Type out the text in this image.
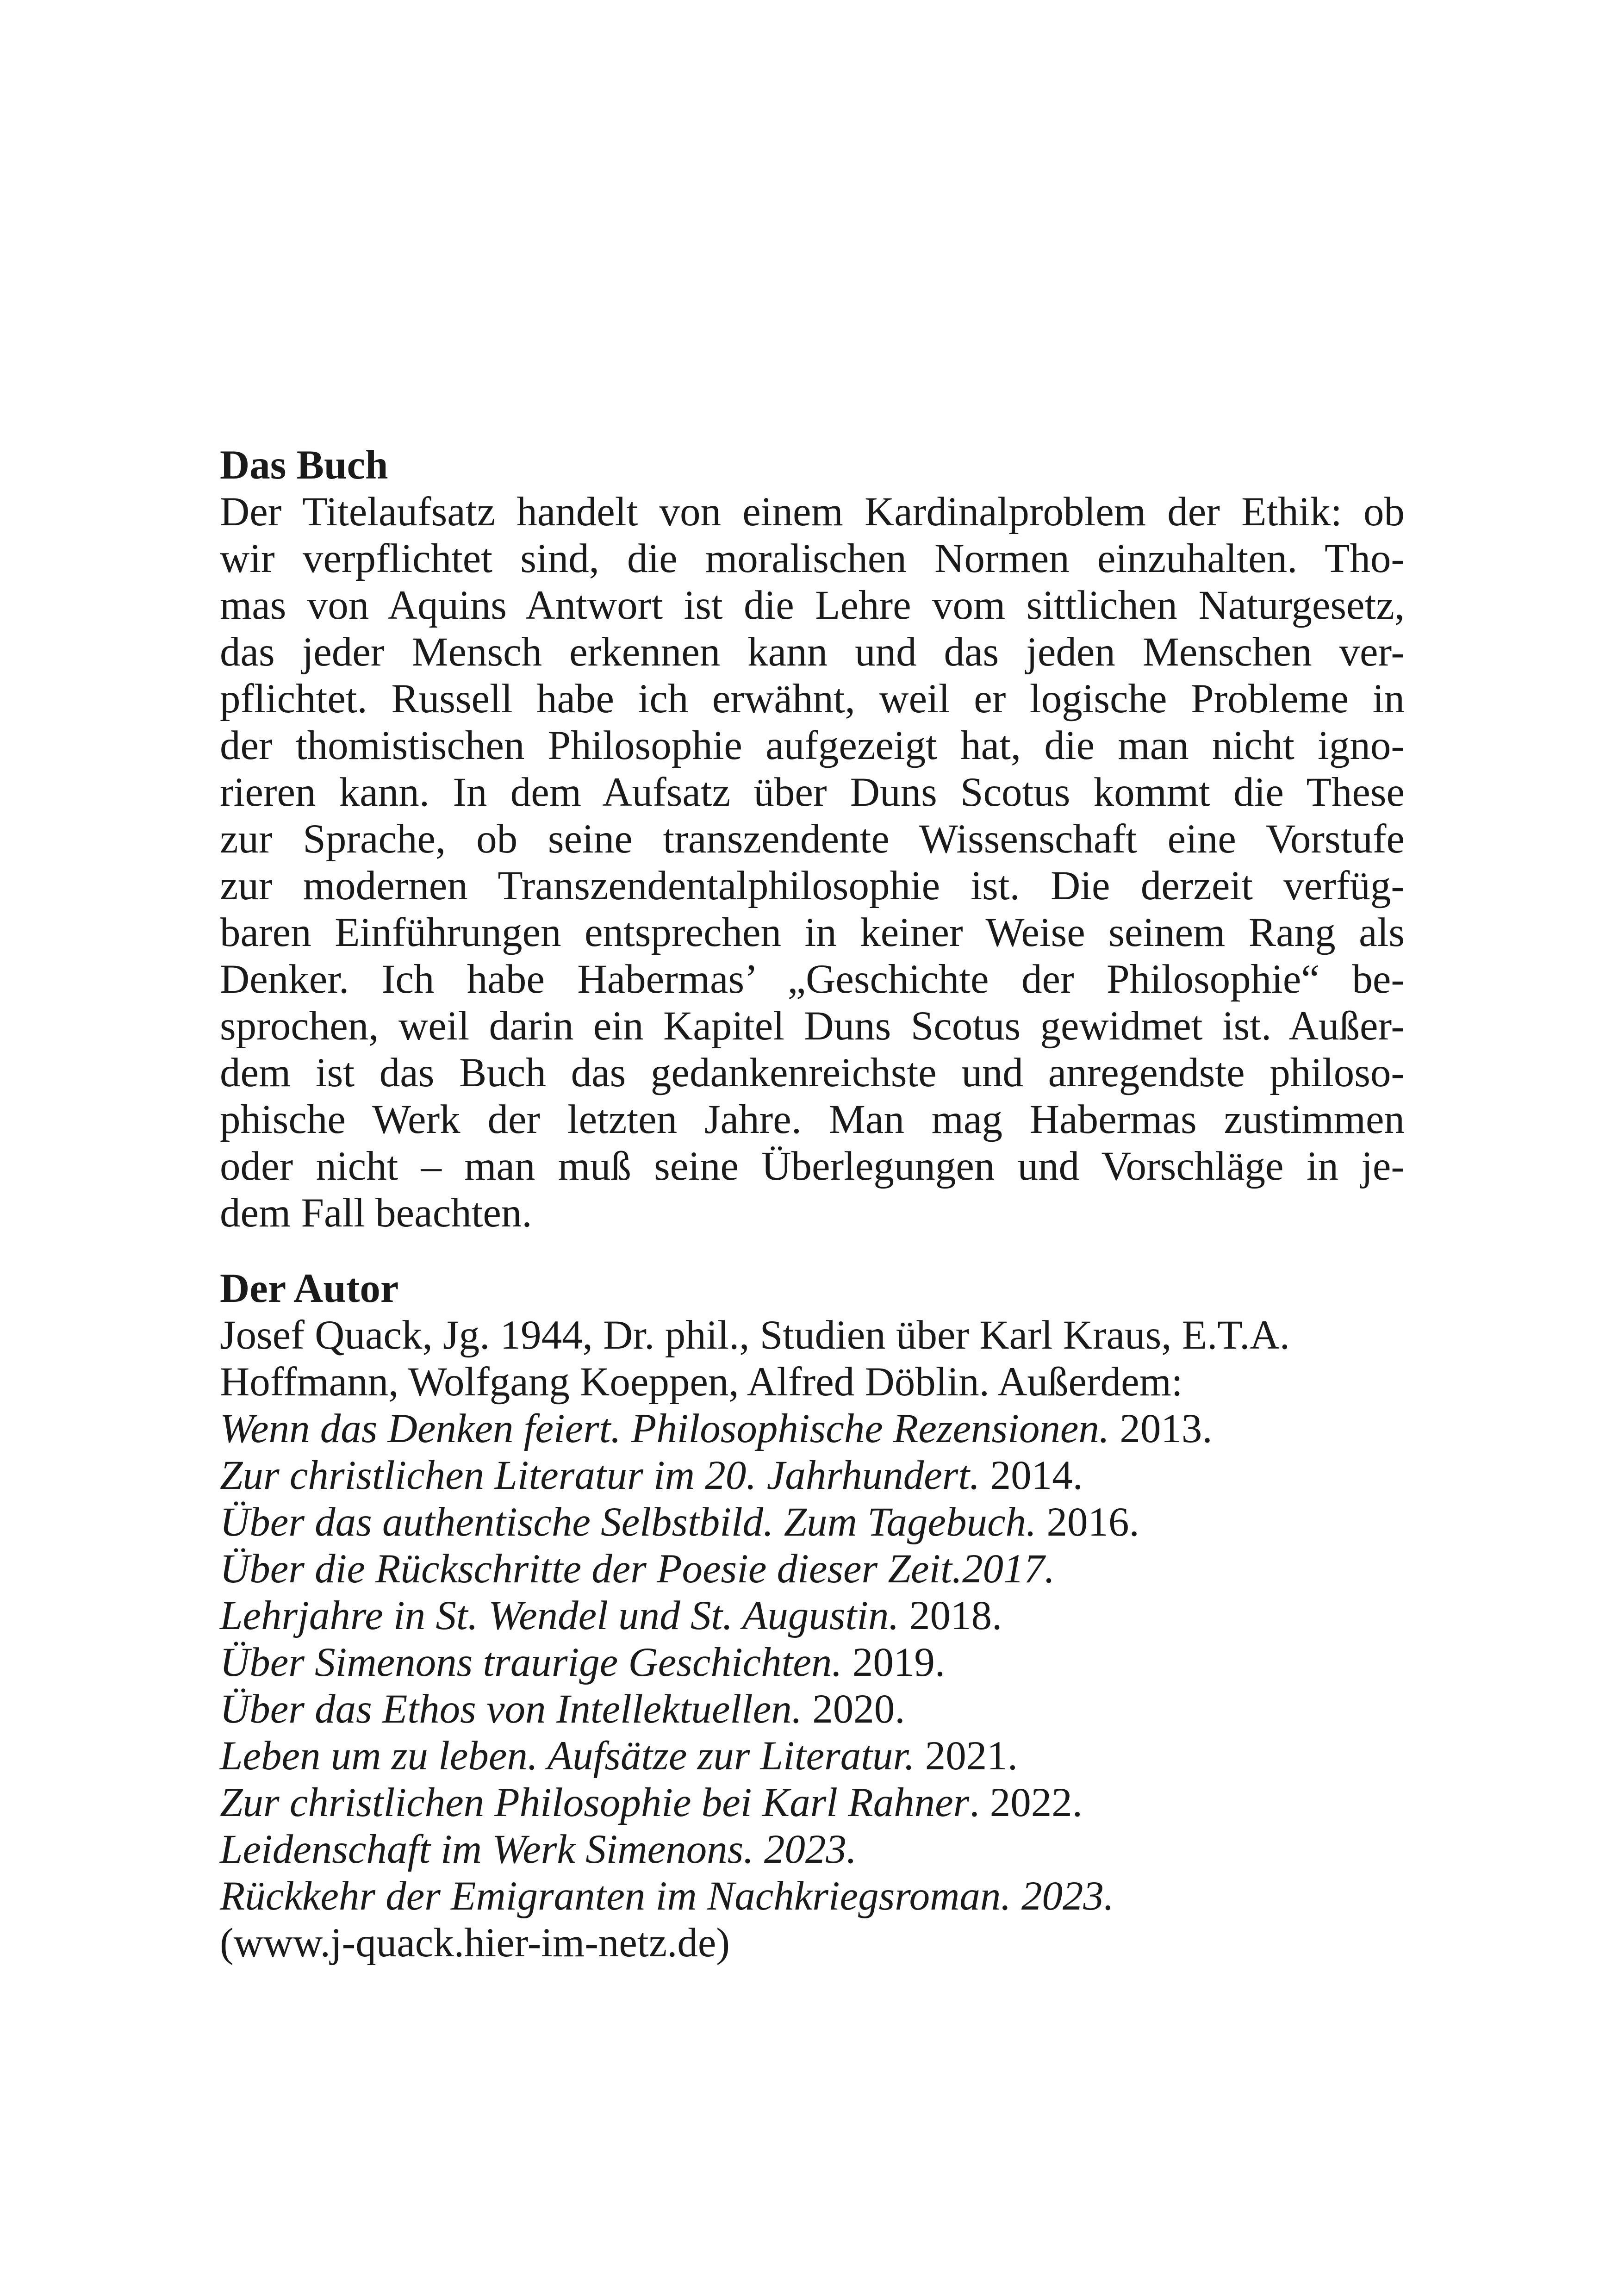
Das Buch

Der Titelaufsatz handelt von einem Kardinalproblem der Ethik: ob
wir verpflichtet sind, die moralischen Normen einzuhalten. Tho-
mas von Aquins Antwort ist die Lehre vom sittlichen Naturgesetz,
das jeder Mensch erkennen kann und das jeden Menschen ver-
pflichtet. Russell habe ich erwähnt, weil er logische Probleme in
der thomistischen Philosophie aufgezeigt hat, die man nicht igno-
rieren kann. In dem Aufsatz über Duns Scotus kommt die These
zur Sprache, ob seine transzendente Wissenschaft eine Vorstufe
zur modernen Transzendentalphilosophie ist. Die derzeit verfüg-
baren Einführungen entsprechen in keiner Weise seinem Rang als
Denker. Ich habe Habermas’ „Geschichte der Philosophie“ be-
sprochen, weil darin ein Kapitel Duns Scotus gewidmet ist. Außer-
dem ist das Buch das gedankenreichste und anregendste philoso-
phische Werk der letzten Jahre. Man mag Habermas zustimmen
oder nicht – man muß seine Überlegungen und Vorschläge in je-
dem Fall beachten.

Der Autor

Josef Quack, Jg. 1944, Dr. phil., Studien über Karl Kraus, E.T.A.
Hoffmann, Wolfgang Koeppen, Alfred Döblin. Außerdem:

Wenn das Denken feiert. Philosophische Rezensionen. 2013.
Zur christlichen Literatur im 20. Jahrhundert. 2014.
Über das authentische Selbstbild. Zum Tagebuch. 2016.
Über die Rückschritte der Poesie dieser Zeit.2017.
Lehrjahre in St. Wendel und St. Augustin. 2018.
Über Simenons traurige Geschichten. 2019.
Über das Ethos von Intellektuellen. 2020.
Leben um zu leben. Aufsätze zur Literatur. 2021.
Zur christlichen Philosophie bei Karl Rahner. 2022.
Leidenschaft im Werk Simenons. 2023.
Rückkehr der Emigranten im Nachkriegsroman. 2023.
(www.j-quack.hier-im-netz.de)
